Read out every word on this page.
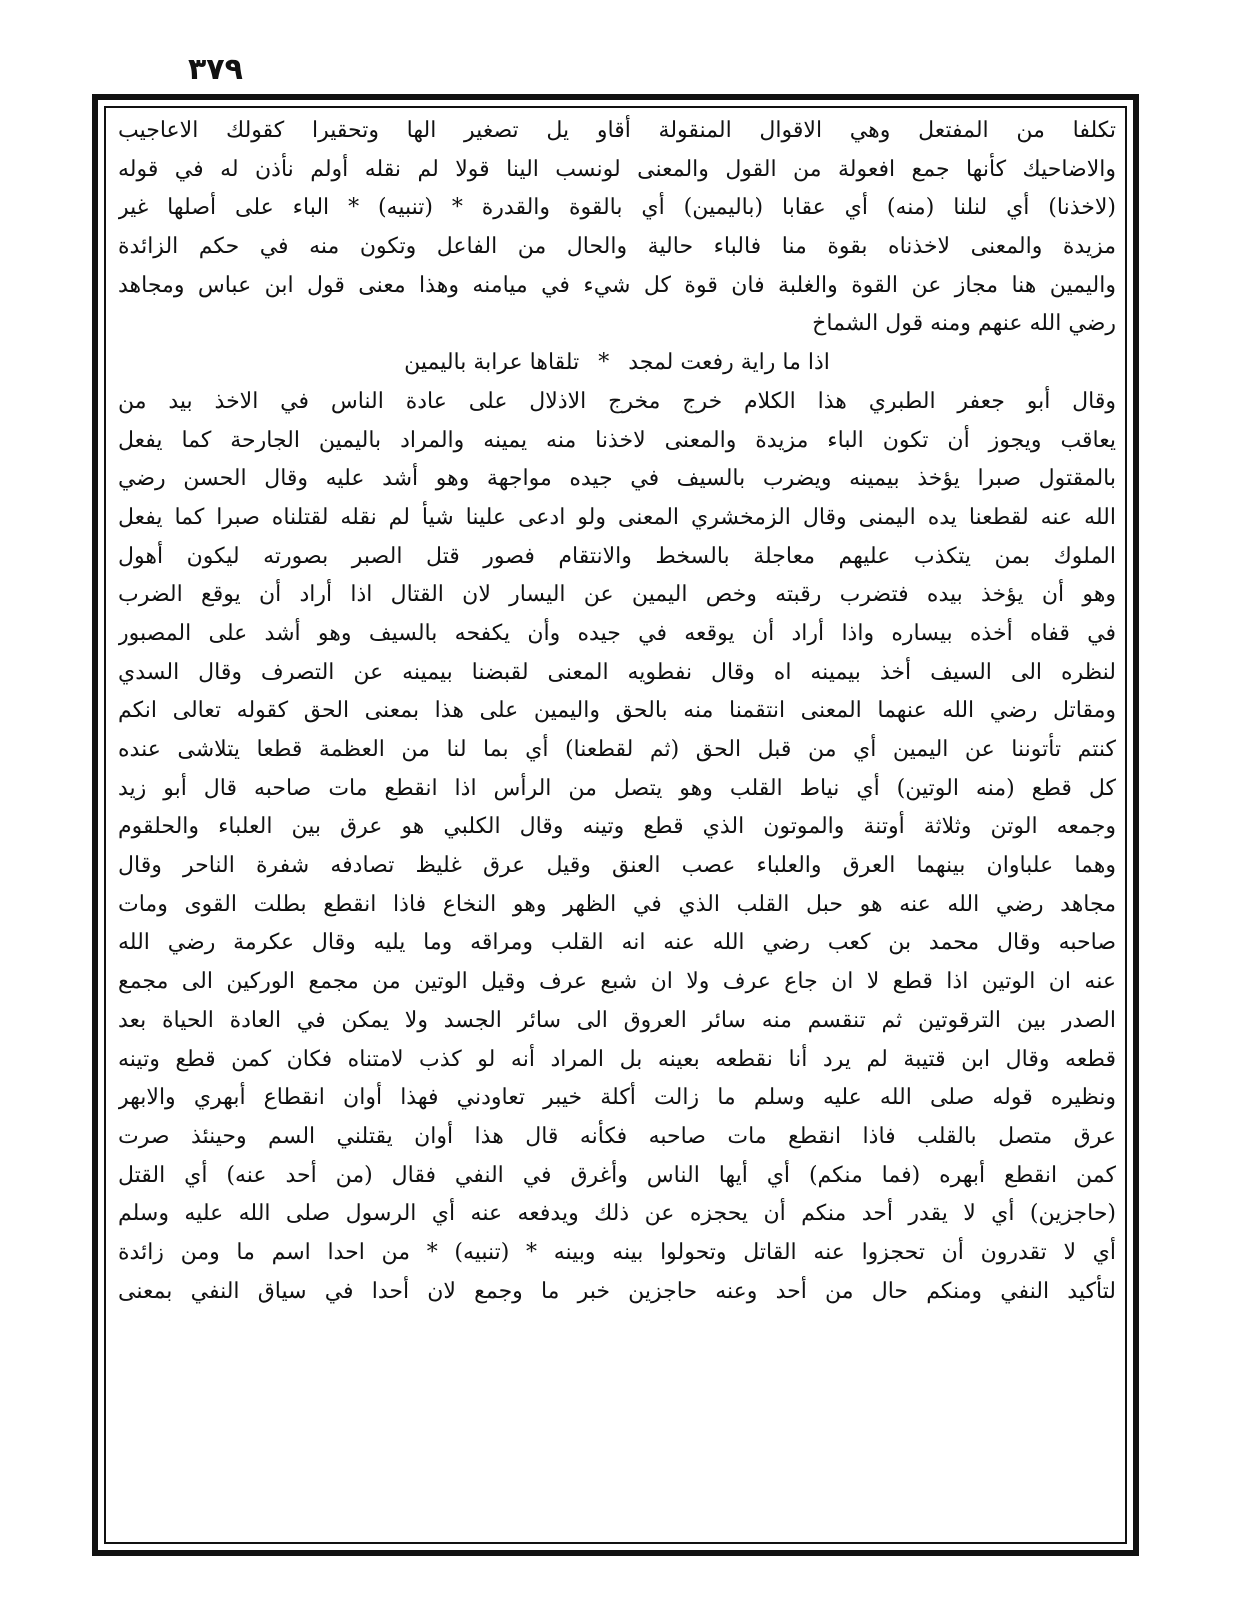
٣٧٩
تكلفا من المفتعل وهي الاقوال المنقولة أقاو يل تصغير الها وتحقيرا كقولك الاعاجيب
والاضاحيك كأنها جمع افعولة من القول والمعنى لونسب الينا قولا لم نقله أولم نأذن له في قوله
(لاخذنا) أي لنلنا (منه) أي عقابا (باليمين) أي بالقوة والقدرة * (تنبيه) * الباء على أصلها غير
مزيدة والمعنى لاخذناه بقوة منا فالباء حالية والحال من الفاعل وتكون منه في حكم الزائدة
واليمين هنا مجاز عن القوة والغلبة فان قوة كل شيء في ميامنه وهذا معنى قول ابن عباس ومجاهد
رضي الله عنهم ومنه قول الشماخ
اذا ما راية رفعت لمجد * تلقاها عرابة باليمين
وقال أبو جعفر الطبري هذا الكلام خرج مخرج الاذلال على عادة الناس في الاخذ بيد من
يعاقب ويجوز أن تكون الباء مزيدة والمعنى لاخذنا منه يمينه والمراد باليمين الجارحة كما يفعل
بالمقتول صبرا يؤخذ بيمينه ويضرب بالسيف في جيده مواجهة وهو أشد عليه وقال الحسن رضي
الله عنه لقطعنا يده اليمنى وقال الزمخشري المعنى ولو ادعى علينا شيأ لم نقله لقتلناه صبرا كما يفعل
الملوك بمن يتكذب عليهم معاجلة بالسخط والانتقام فصور قتل الصبر بصورته ليكون أهول
وهو أن يؤخذ بيده فتضرب رقبته وخص اليمين عن اليسار لان القتال اذا أراد أن يوقع الضرب
في قفاه أخذه بيساره واذا أراد أن يوقعه في جيده وأن يكفحه بالسيف وهو أشد على المصبور
لنظره الى السيف أخذ بيمينه اه وقال نفطويه المعنى لقبضنا بيمينه عن التصرف وقال السدي
ومقاتل رضي الله عنهما المعنى انتقمنا منه بالحق واليمين على هذا بمعنى الحق كقوله تعالى انكم
كنتم تأتوننا عن اليمين أي من قبل الحق (ثم لقطعنا) أي بما لنا من العظمة قطعا يتلاشى عنده
كل قطع (منه الوتين) أي نياط القلب وهو يتصل من الرأس اذا انقطع مات صاحبه قال أبو زيد
وجمعه الوتن وثلاثة أوتنة والموتون الذي قطع وتينه وقال الكلبي هو عرق بين العلباء والحلقوم
وهما علباوان بينهما العرق والعلباء عصب العنق وقيل عرق غليظ تصادفه شفرة الناحر وقال
مجاهد رضي الله عنه هو حبل القلب الذي في الظهر وهو النخاع فاذا انقطع بطلت القوى ومات
صاحبه وقال محمد بن كعب رضي الله عنه انه القلب ومراقه وما يليه وقال عكرمة رضي الله
عنه ان الوتين اذا قطع لا ان جاع عرف ولا ان شبع عرف وقيل الوتين من مجمع الوركين الى مجمع
الصدر بين الترقوتين ثم تنقسم منه سائر العروق الى سائر الجسد ولا يمكن في العادة الحياة بعد
قطعه وقال ابن قتيبة لم يرد أنا نقطعه بعينه بل المراد أنه لو كذب لامتناه فكان كمن قطع وتينه
ونظيره قوله صلى الله عليه وسلم ما زالت أكلة خيبر تعاودني فهذا أوان انقطاع أبهري والابهر
عرق متصل بالقلب فاذا انقطع مات صاحبه فكأنه قال هذا أوان يقتلني السم وحينئذ صرت
كمن انقطع أبهره (فما منكم) أي أيها الناس وأغرق في النفي فقال (من أحد عنه) أي القتل
(حاجزين) أي لا يقدر أحد منكم أن يحجزه عن ذلك ويدفعه عنه أي الرسول صلى الله عليه وسلم
أي لا تقدرون أن تحجزوا عنه القاتل وتحولوا بينه وبينه * (تنبيه) * من احدا اسم ما ومن زائدة
لتأكيد النفي ومنكم حال من أحد وعنه حاجزين خبر ما وجمع لان أحدا في سياق النفي بمعنى
